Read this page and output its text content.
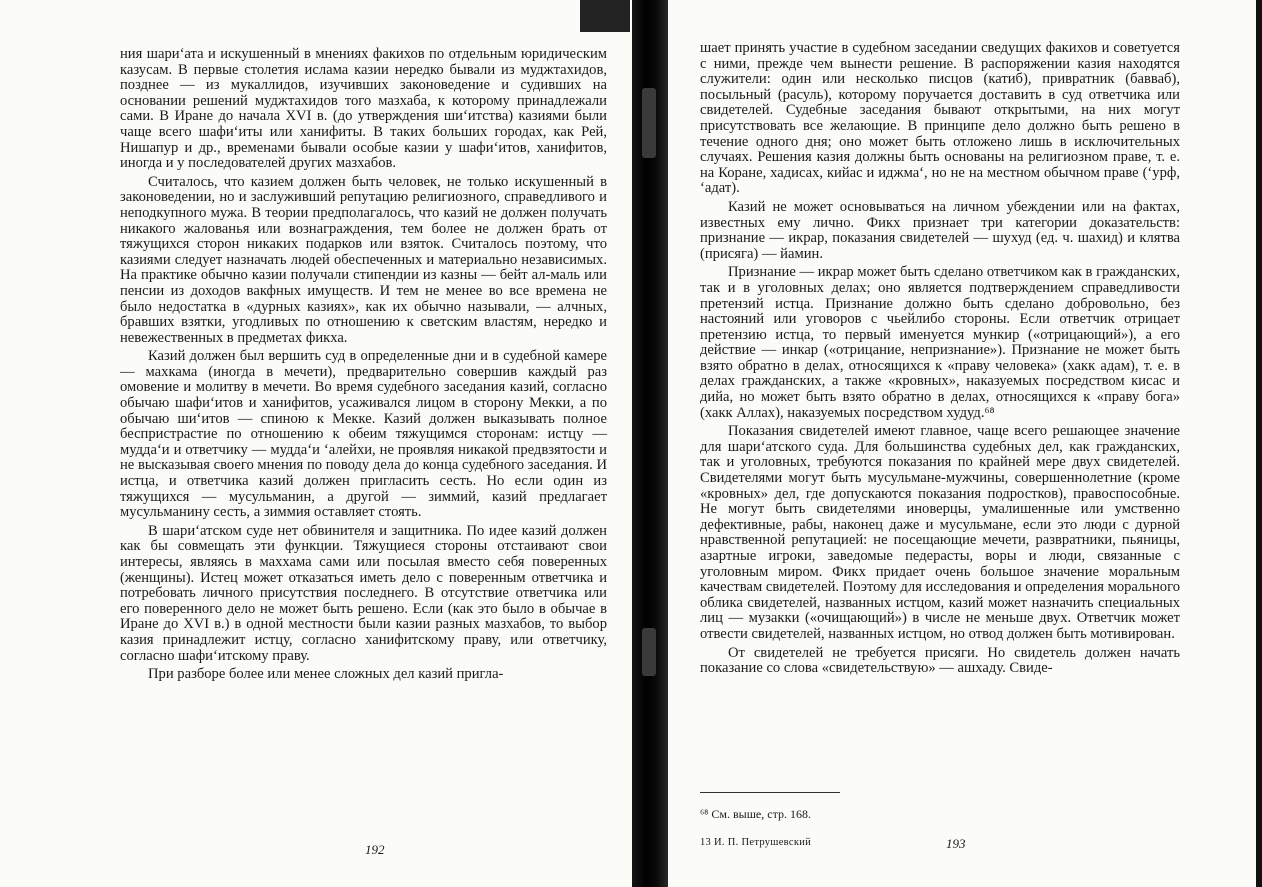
ния шариʻата и искушенный в мнениях факихов по отдельным юридическим казусам. В первые столетия ислама казии нередко бывали из муджтахидов, позднее — из мукаллидов, изучивших законоведение и судивших на основании решений муджтахидов того мазхаба, к которому принадлежали сами. В Иране до начала XVI в. (до утверждения шиʻитства) казиями были чаще всего шафиʻиты или ханифиты. В таких больших городах, как Рей, Нишапур и др., временами бывали особые казии у шафиʻитов, ханифитов, иногда и у последователей других мазхабов.

Считалось, что казием должен быть человек, не только искушенный в законоведении, но и заслуживший репутацию религиозного, справедливого и неподкупного мужа. В теории предполагалось, что казий не должен получать никакого жалованья или вознаграждения, тем более не должен брать от тяжущихся сторон никаких подарков или взяток. Считалось поэтому, что казиями следует назначать людей обеспеченных и материально независимых. На практике обычно казии получали стипендии из казны — бейт ал-маль или пенсии из доходов вакфных имуществ. И тем не менее во все времена не было недостатка в «дурных казиях», как их обычно называли, — алчных, бравших взятки, угодливых по отношению к светским властям, нередко и невежественных в предметах фикха.

Казий должен был вершить суд в определенные дни и в судебной камере — махкама (иногда в мечети), предварительно совершив каждый раз омовение и молитву в мечети. Во время судебного заседания казий, согласно обычаю шафиʻитов и ханифитов, усаживался лицом в сторону Мекки, а по обычаю шиʻитов — спиною к Мекке. Казий должен выказывать полное беспристрастие по отношению к обеим тяжущимся сторонам: истцу — муддаʻи и ответчику — муддаʻи ʻалейхи, не проявляя никакой предвзятости и не высказывая своего мнения по поводу дела до конца судебного заседания. И истца, и ответчика казий должен пригласить сесть. Но если один из тяжущихся — мусульманин, а другой — зиммий, казий предлагает мусульманину сесть, а зиммия оставляет стоять.

В шариʻатском суде нет обвинителя и защитника. По идее казий должен как бы совмещать эти функции. Тяжущиеся стороны отстаивают свои интересы, являясь в маххама сами или посылая вместо себя поверенных (женщины). Истец может отказаться иметь дело с поверенным ответчика и потребовать личного присутствия последнего. В отсутствие ответчика или его поверенного дело не может быть решено. Если (как это было в обычае в Иране до XVI в.) в одной местности были казии разных мазхабов, то выбор казия принадлежит истцу, согласно ханифитскому праву, или ответчику, согласно шафиʻитскому праву.

При разборе более или менее сложных дел казий пригла-

192

шает принять участие в судебном заседании сведущих факихов и советуется с ними, прежде чем вынести решение. В распоряжении казия находятся служители: один или несколько писцов (катиб), привратник (бавваб), посыльный (расуль), которому поручается доставить в суд ответчика или свидетелей. Судебные заседания бывают открытыми, на них могут присутствовать все желающие. В принципе дело должно быть решено в течение одного дня; оно может быть отложено лишь в исключительных случаях. Решения казия должны быть основаны на религиозном праве, т. е. на Коране, хадисах, кийас и иджмаʻ, но не на местном обычном праве (ʻурф, ʻадат).

Казий не может основываться на личном убеждении или на фактах, известных ему лично. Фикх признает три категории доказательств: признание — икрар, показания свидетелей — шухуд (ед. ч. шахид) и клятва (присяга) — йамин.

Признание — икрар может быть сделано ответчиком как в гражданских, так и в уголовных делах; оно является подтверждением справедливости претензий истца. Признание должно быть сделано добровольно, без настояний или уговоров с чьейлибо стороны. Если ответчик отрицает претензию истца, то первый именуется мункир («отрицающий»), а его действие — инкар («отрицание, непризнание»). Признание не может быть взято обратно в делах, относящихся к «праву человека» (хакк адам), т. е. в делах гражданских, а также «кровных», наказуемых посредством кисас и дийа, но может быть взято обратно в делах, относящихся к «праву бога» (хакк Аллах), наказуемых посредством худуд.⁶⁸

Показания свидетелей имеют главное, чаще всего решающее значение для шариʻатского суда. Для большинства судебных дел, как гражданских, так и уголовных, требуются показания по крайней мере двух свидетелей. Свидетелями могут быть мусульмане-мужчины, совершеннолетние (кроме «кровных» дел, где допускаются показания подростков), правоспособные. Не могут быть свидетелями иноверцы, умалишенные или умственно дефективные, рабы, наконец даже и мусульмане, если это люди с дурной нравственной репутацией: не посещающие мечети, развратники, пьяницы, азартные игроки, заведомые педерасты, воры и люди, связанные с уголовным миром. Фикх придает очень большое значение моральным качествам свидетелей. Поэтому для исследования и определения морального облика свидетелей, названных истцом, казий может назначить специальных лиц — музакки («очищающий») в числе не меньше двух. Ответчик может отвести свидетелей, названных истцом, но отвод должен быть мотивирован.

От свидетелей не требуется присяги. Но свидетель должен начать показание со слова «свидетельствую» — ашхаду. Свиде-

⁶⁸ См. выше, стр. 168.
13 И. П. Петрушевский	193
